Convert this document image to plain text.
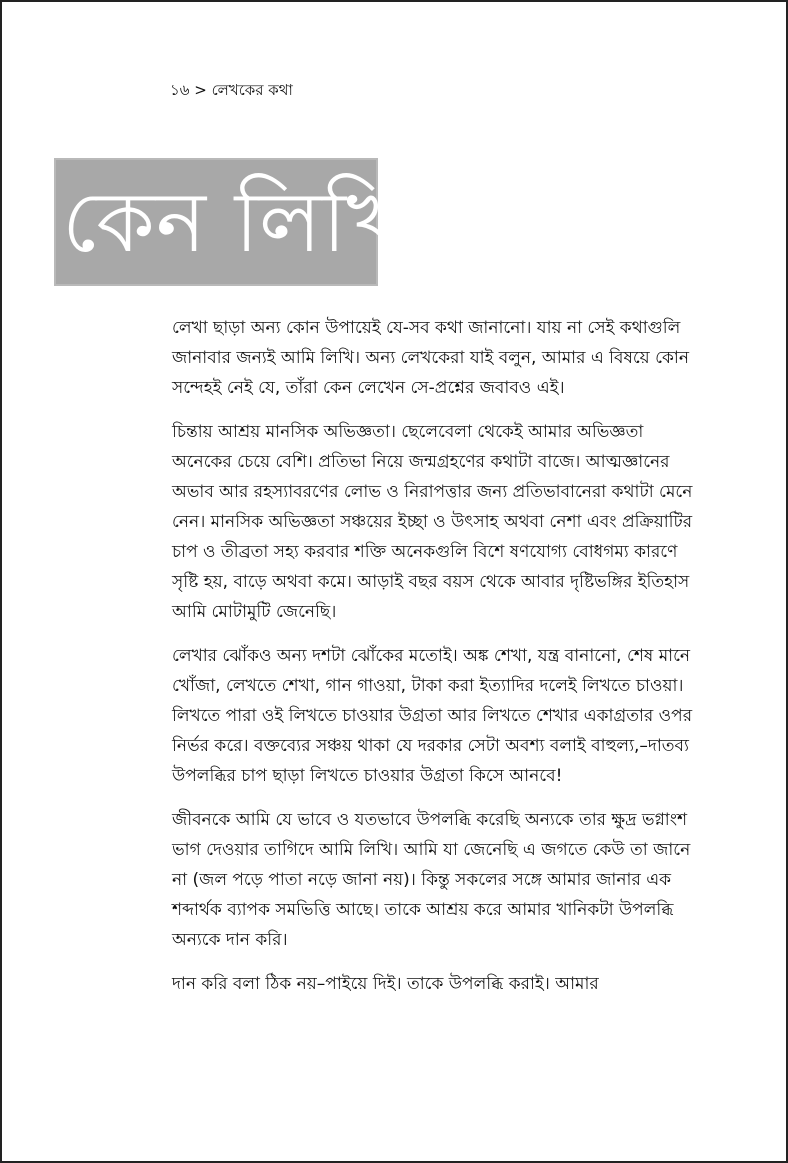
১৬ > লেখকের কথা
কেন লিখি

লেখা ছাড়া অন্য কোন উপায়েই যে-সব কথা জানানো। যায় না সেই কথাগুলি জানাবার জন্যই আমি লিখি। অন্য লেখকেরা যাই বলুন, আমার এ বিষয়ে কোন সন্দেহই নেই যে, তাঁরা কেন লেখেন সে-প্রশ্নের জবাবও এই।

চিন্তায় আশ্রয় মানসিক অভিজ্ঞতা। ছেলেবেলা থেকেই আমার অভিজ্ঞতা অনেকের চেয়ে বেশি। প্রতিভা নিয়ে জন্মগ্রহণের কথাটা বাজে। আত্মজ্ঞানের অভাব আর রহস্যাবরণের লোভ ও নিরাপত্তার জন্য প্রতিভাবানেরা কথাটা মেনে নেন। মানসিক অভিজ্ঞতা সঞ্চয়ের ইচ্ছা ও উৎসাহ অথবা নেশা এবং প্রক্রিয়াটির চাপ ও তীব্রতা সহ্য করবার শক্তি অনেকগুলি বিশে ষণযোগ্য বোধগম্য কারণে সৃষ্টি হয়, বাড়ে অথবা কমে। আড়াই বছর বয়স থেকে আবার দৃষ্টিভঙ্গির ইতিহাস আমি মোটামুটি জেনেছি।

লেখার ঝোঁকও অন্য দশটা ঝোঁকের মতোই। অঙ্ক শেখা, যন্ত্র বানানো, শেষ মানে খোঁজা, লেখতে শেখা, গান গাওয়া, টাকা করা ইত্যাদির দলেই লিখতে চাওয়া। লিখতে পারা ওই লিখতে চাওয়ার উগ্রতা আর লিখতে শেখার একাগ্রতার ওপর নির্ভর করে। বক্তব্যের সঞ্চয় থাকা যে দরকার সেটা অবশ্য বলাই বাহুল্য,–দাতব্য উপলব্ধির চাপ ছাড়া লিখতে চাওয়ার উগ্রতা কিসে আনবে!

জীবনকে আমি যে ভাবে ও যতভাবে উপলব্ধি করেছি অন্যকে তার ক্ষুদ্র ভগ্নাংশ ভাগ দেওয়ার তাগিদে আমি লিখি। আমি যা জেনেছি এ জগতে কেউ তা জানে না (জল পড়ে পাতা নড়ে জানা নয়)। কিন্তু সকলের সঙ্গে আমার জানার এক শব্দার্থক ব্যাপক সমভিত্তি আছে। তাকে আশ্রয় করে আমার খানিকটা উপলব্ধি অন্যকে দান করি।

দান করি বলা ঠিক নয়–পাইয়ে দিই। তাকে উপলব্ধি করাই। আমার
